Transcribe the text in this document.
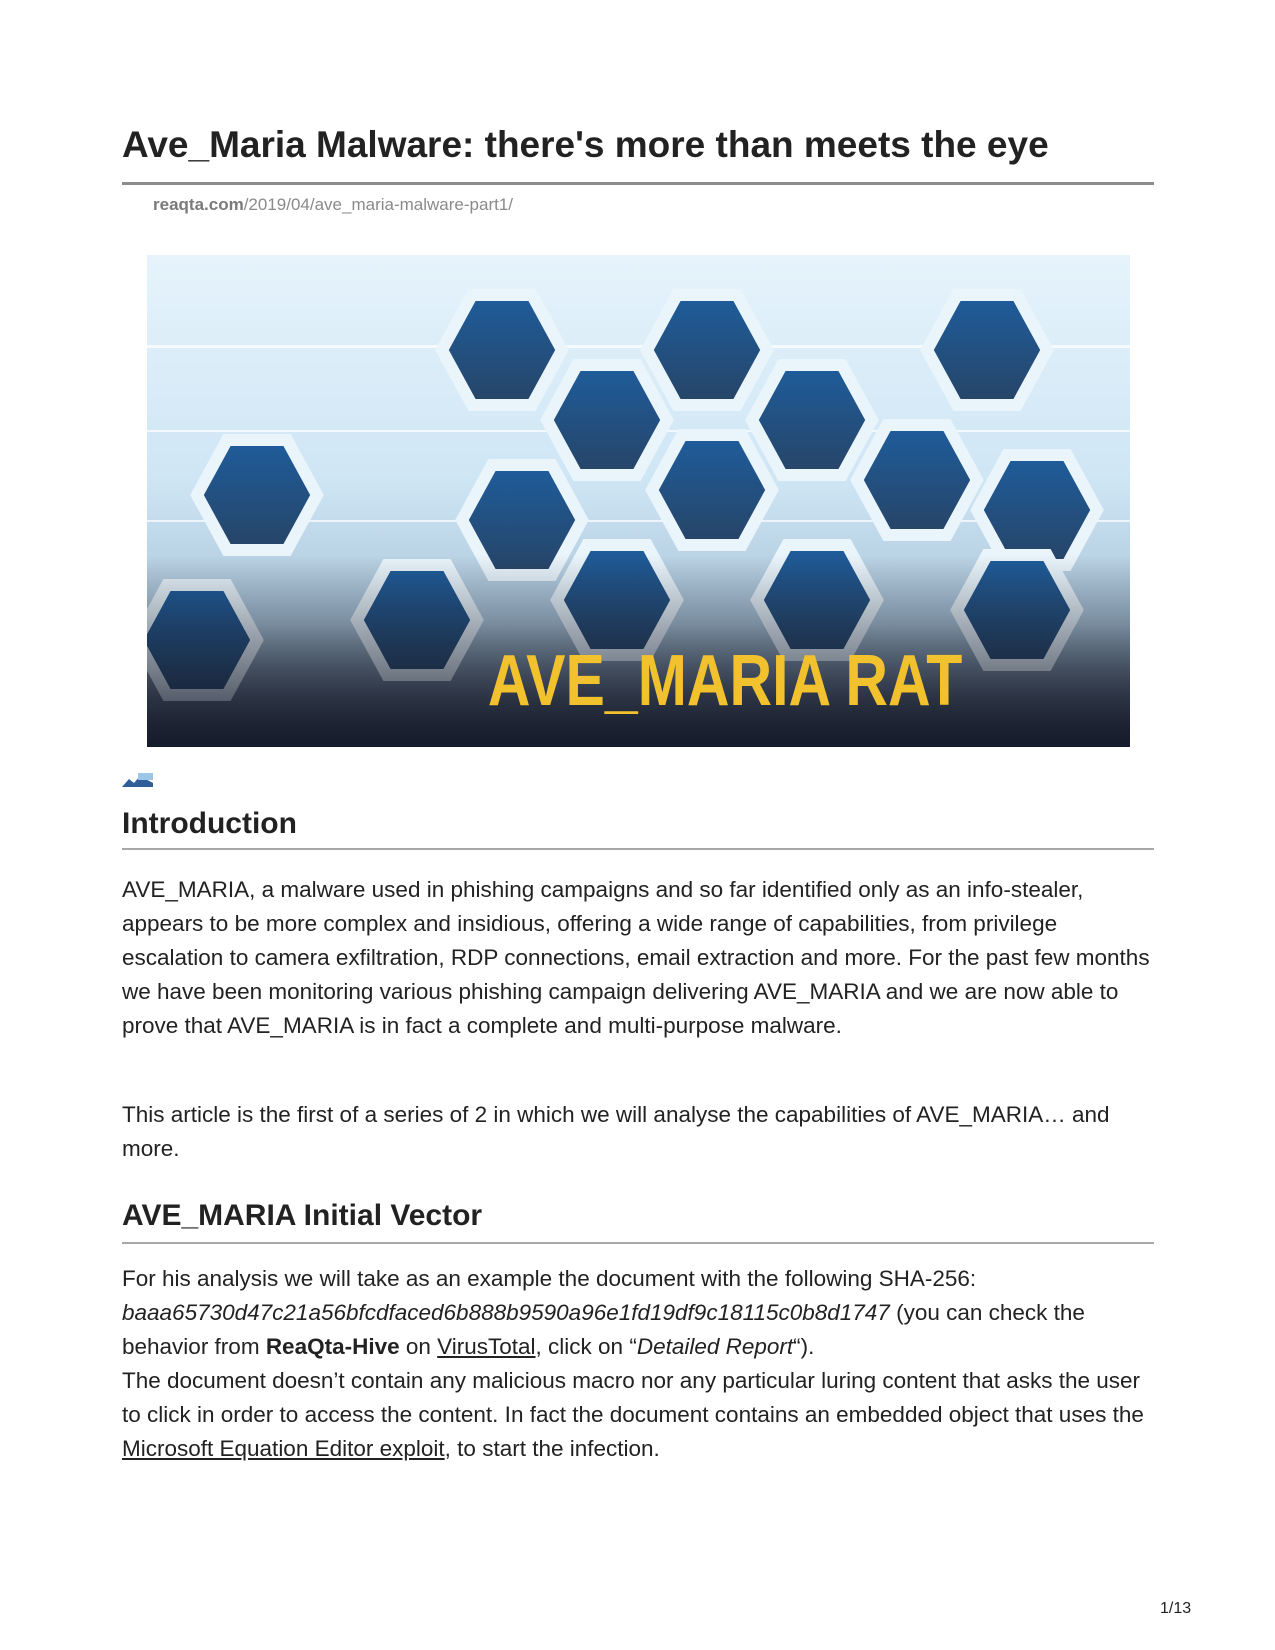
Ave_Maria Malware: there's more than meets the eye
reaqta.com/2019/04/ave_maria-malware-part1/
AVE_MARIA RAT
Introduction

AVE_MARIA, a malware used in phishing campaigns and so far identified only as an info-stealer, appears to be more complex and insidious, offering a wide range of capabilities, from privilege escalation to camera exfiltration, RDP connections, email extraction and more. For the past few months we have been monitoring various phishing campaign delivering AVE_MARIA and we are now able to prove that AVE_MARIA is in fact a complete and multi-purpose malware.

This article is the first of a series of 2 in which we will analyse the capabilities of AVE_MARIA… and more.

AVE_MARIA Initial Vector

For his analysis we will take as an example the document with the following SHA-256:
baaa65730d47c21a56bfcdfaced6b888b9590a96e1fd19df9c18115c0b8d1747 (you can check the behavior from ReaQta-Hive on VirusTotal, click on “Detailed Report“).
The document doesn’t contain any malicious macro nor any particular luring content that asks the user to click in order to access the content. In fact the document contains an embedded object that uses the Microsoft Equation Editor exploit, to start the infection.

1/13
